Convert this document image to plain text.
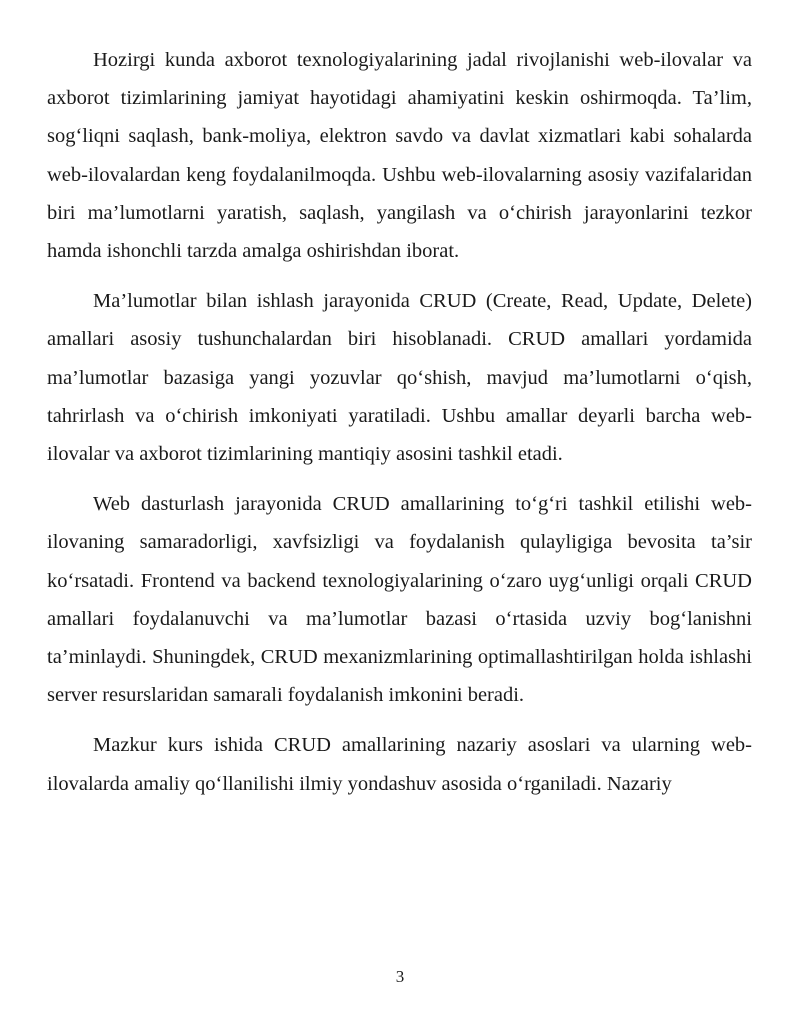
Hozirgi kunda axborot texnologiyalarining jadal rivojlanishi web-ilovalar va axborot tizimlarining jamiyat hayotidagi ahamiyatini keskin oshirmoqda. Ta’lim, sog‘liqni saqlash, bank-moliya, elektron savdo va davlat xizmatlari kabi sohalarda web-ilovalardan keng foydalanilmoqda. Ushbu web-ilovalarning asosiy vazifalaridan biri ma’lumotlarni yaratish, saqlash, yangilash va o‘chirish jarayonlarini tezkor hamda ishonchli tarzda amalga oshirishdan iborat.

Ma’lumotlar bilan ishlash jarayonida CRUD (Create, Read, Update, Delete) amallari asosiy tushunchalardan biri hisoblanadi. CRUD amallari yordamida ma’lumotlar bazasiga yangi yozuvlar qo‘shish, mavjud ma’lumotlarni o‘qish, tahrirlash va o‘chirish imkoniyati yaratiladi. Ushbu amallar deyarli barcha web-ilovalar va axborot tizimlarining mantiqiy asosini tashkil etadi.

Web dasturlash jarayonida CRUD amallarining to‘g‘ri tashkil etilishi web-ilovaning samaradorligi, xavfsizligi va foydalanish qulayligiga bevosita ta’sir ko‘rsatadi. Frontend va backend texnologiyalarining o‘zaro uyg‘unligi orqali CRUD amallari foydalanuvchi va ma’lumotlar bazasi o‘rtasida uzviy bog‘lanishni ta’minlaydi. Shuningdek, CRUD mexanizmlarining optimallashtirilgan holda ishlashi server resurslaridan samarali foydalanish imkonini beradi.

Mazkur kurs ishida CRUD amallarining nazariy asoslari va ularning web-ilovalarda amaliy qo‘llanilishi ilmiy yondashuv asosida o‘rganiladi. Nazariy

3
